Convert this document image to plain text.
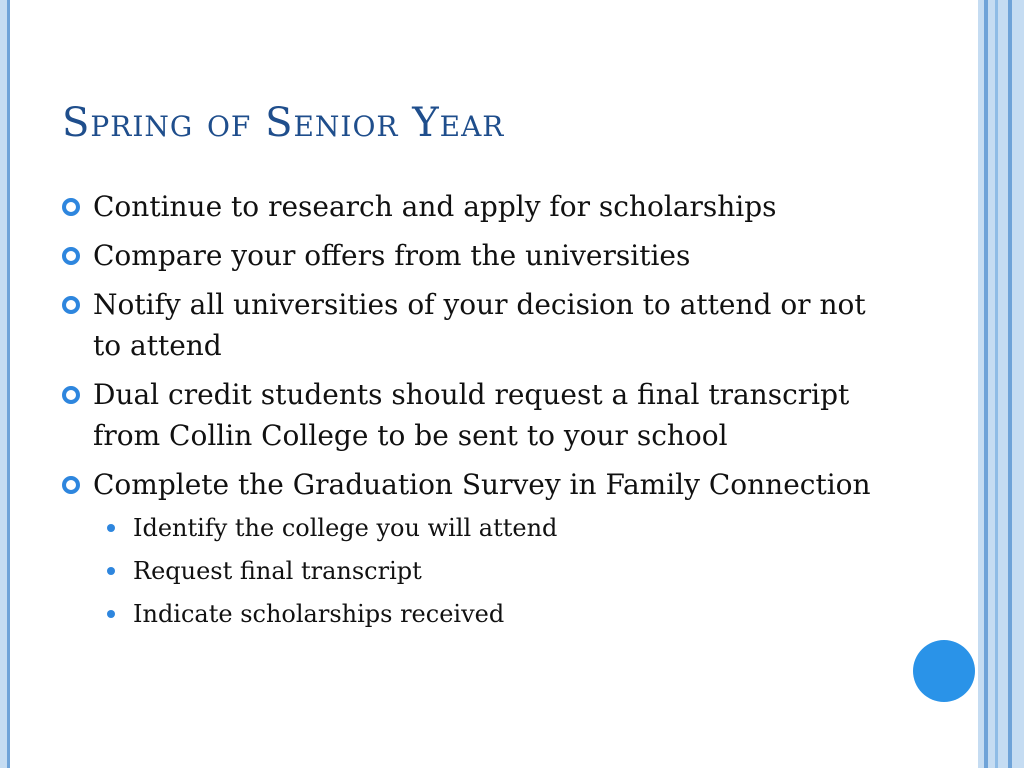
Spring of Senior Year
Continue to research and apply for scholarships
Compare your offers from the universities
Notify all universities of your decision to attend or not to attend
Dual credit students should request a final transcript from Collin College to be sent to your school
Complete the Graduation Survey in Family Connection
Identify the college you will attend
Request final transcript
Indicate scholarships received
